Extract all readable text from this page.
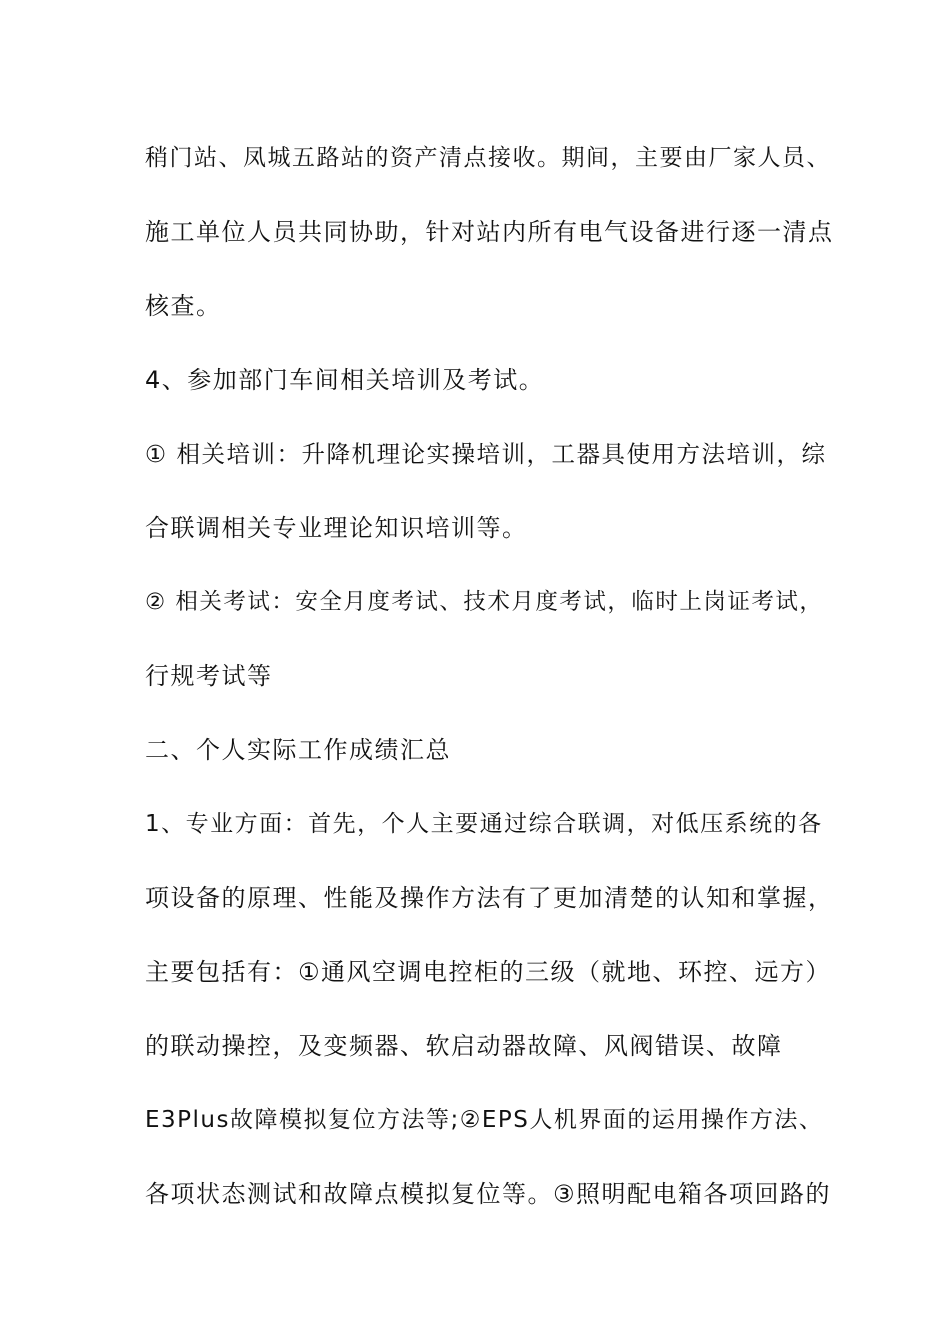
稍门站、凤城五路站的资产清点接收。期间，主要由厂家人员、
施工单位人员共同协助，针对站内所有电气设备进行逐一清点
核查。
4、参加部门车间相关培训及考试。
① 相关培训：升降机理论实操培训，工器具使用方法培训，综
合联调相关专业理论知识培训等。
② 相关考试：安全月度考试、技术月度考试，临时上岗证考试，
行规考试等
二、个人实际工作成绩汇总
1、专业方面：首先，个人主要通过综合联调，对低压系统的各
项设备的原理、性能及操作方法有了更加清楚的认知和掌握，
主要包括有：①通风空调电控柜的三级（就地、环控、远方）
的联动操控，及变频器、软启动器故障、风阀错误、故障
E3Plus故障模拟复位方法等;②EPS人机界面的运用操作方法、
各项状态测试和故障点模拟复位等。③照明配电箱各项回路的
